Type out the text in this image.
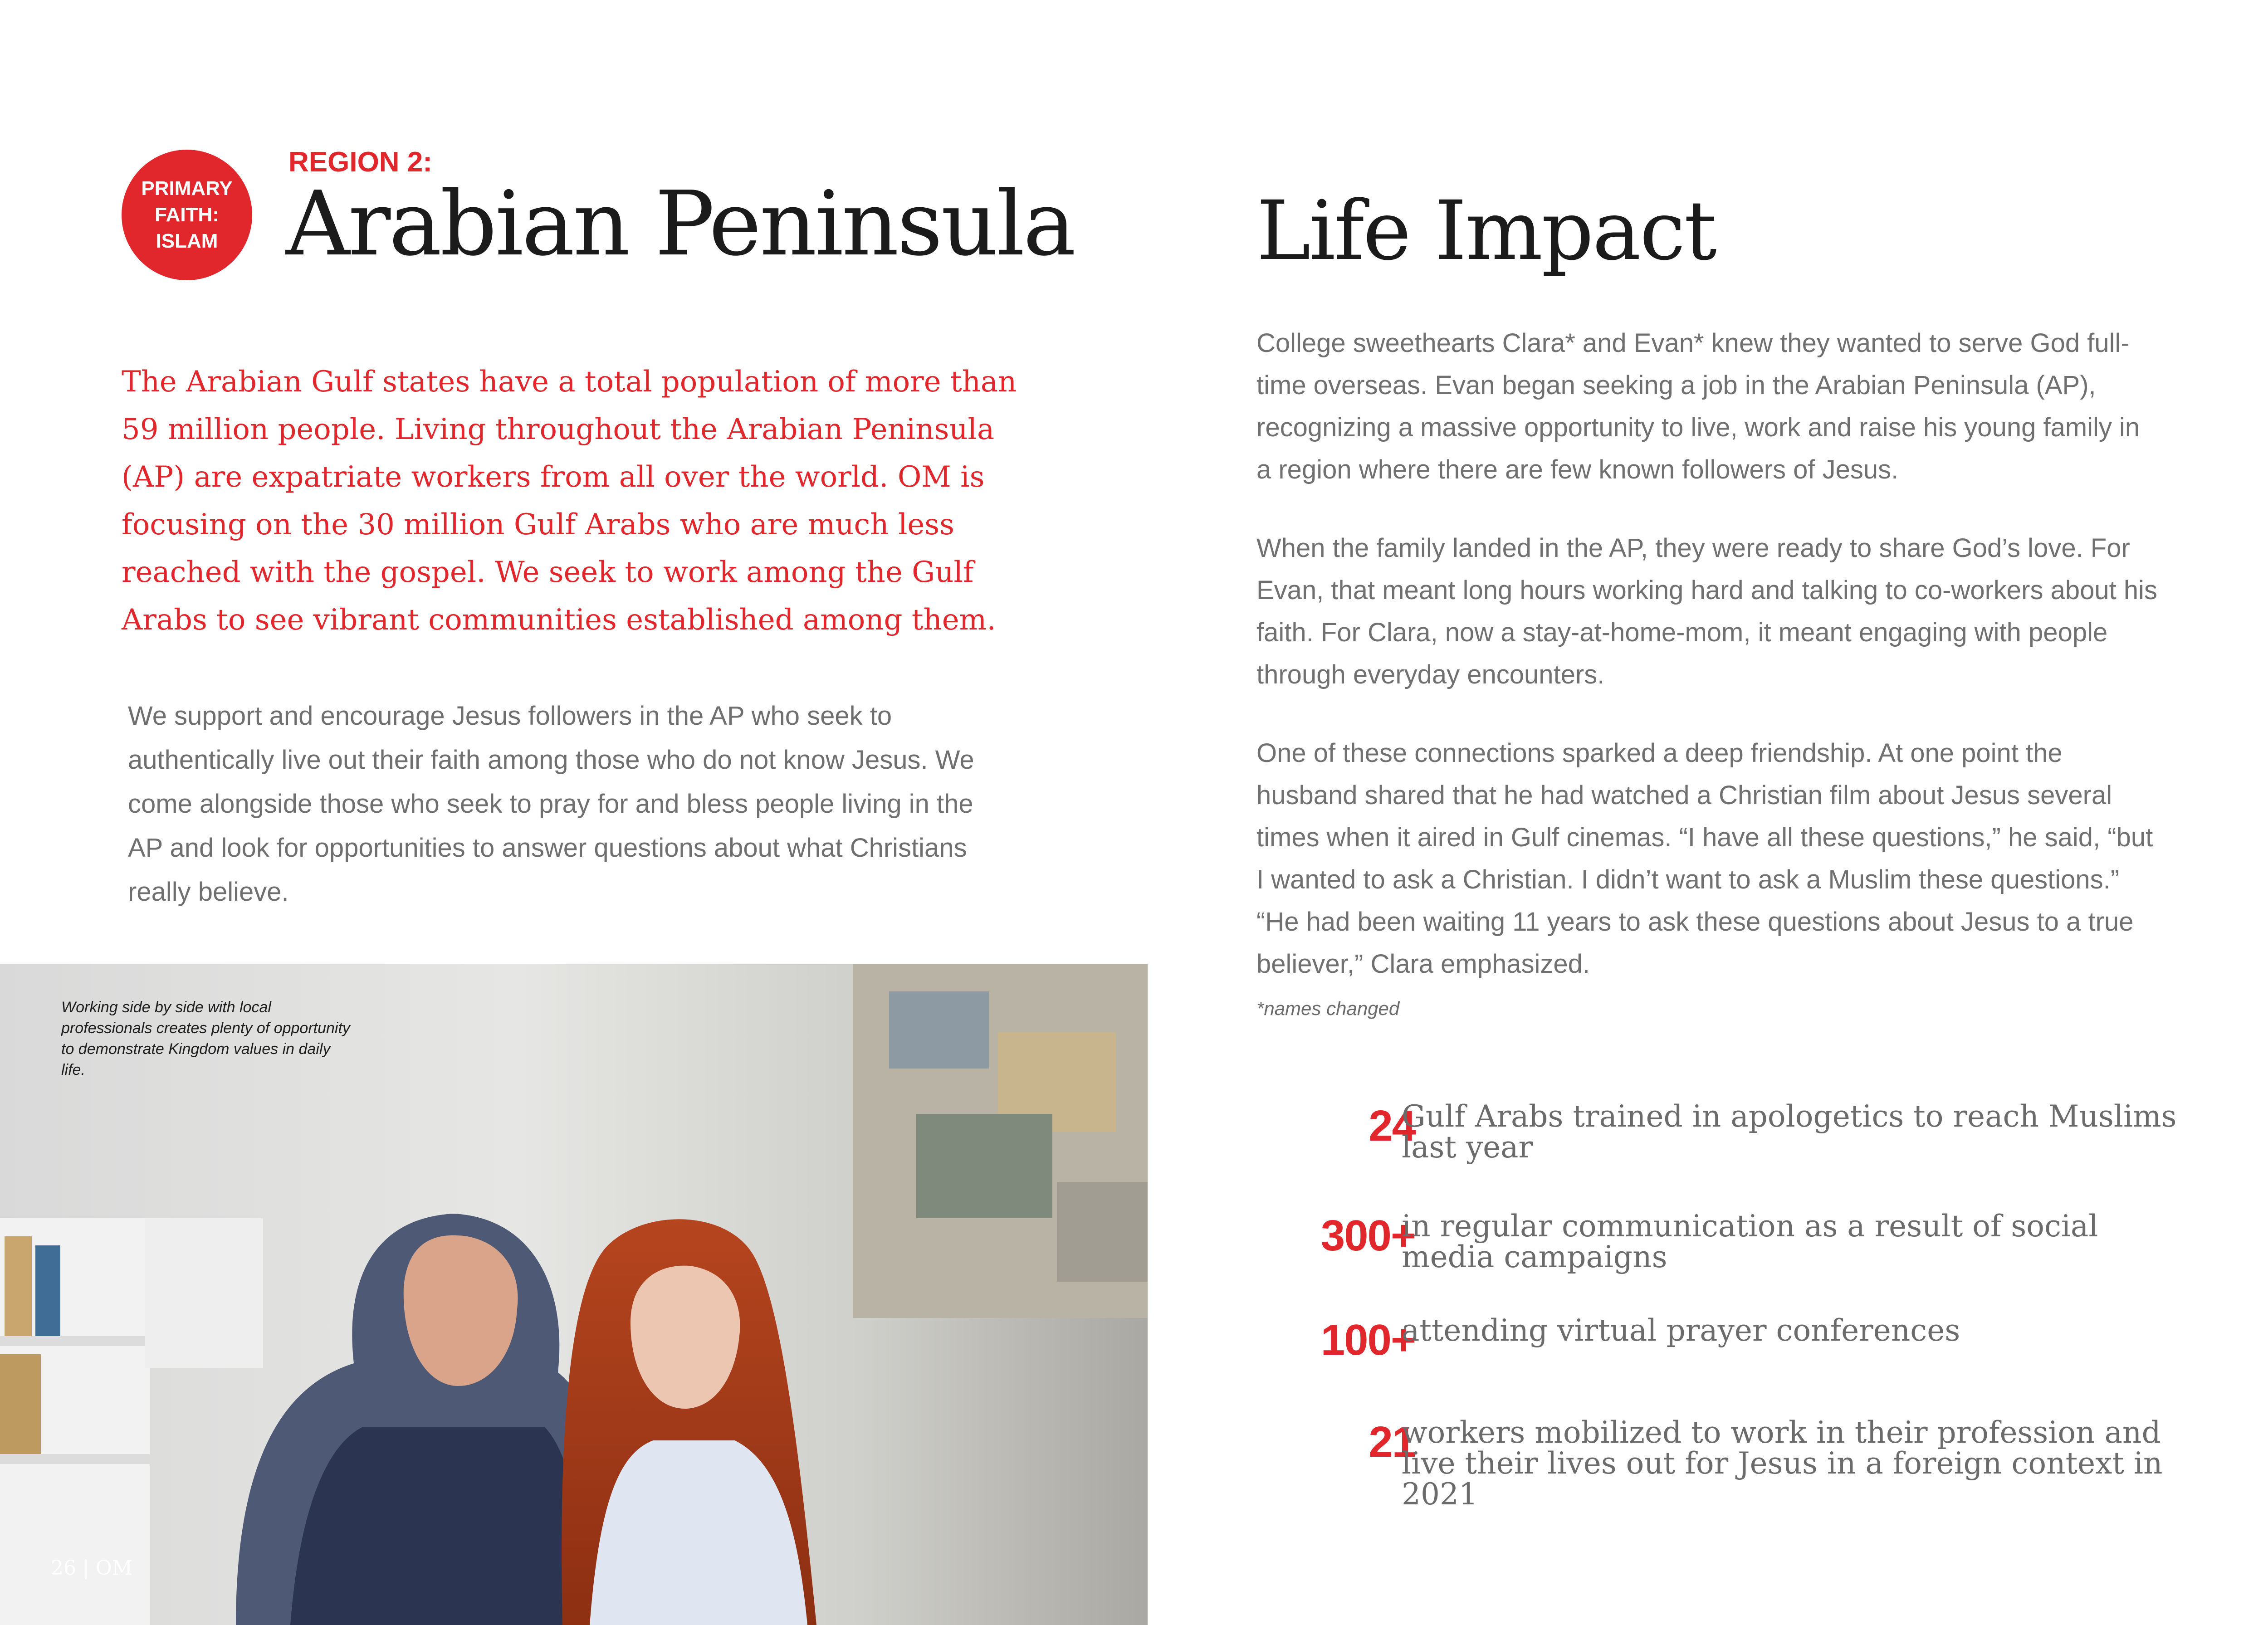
PRIMARY
FAITH:
ISLAM
REGION 2:
Arabian Peninsula

The Arabian Gulf states have a total population of more than 59 million people. Living throughout the Arabian Peninsula (AP) are expatriate workers from all over the world. OM is focusing on the 30 million Gulf Arabs who are much less reached with the gospel. We seek to work among the Gulf Arabs to see vibrant communities established among them.

We support and encourage Jesus followers in the AP who seek to authentically live out their faith among those who do not know Jesus. We come alongside those who seek to pray for and bless people living in the AP and look for opportunities to answer questions about what Christians really believe.

Working side by side with local professionals creates plenty of opportunity to demonstrate Kingdom values in daily life.
26 | OM
Life Impact

College sweethearts Clara* and Evan* knew they wanted to serve God full-time overseas. Evan began seeking a job in the Arabian Peninsula (AP), recognizing a massive opportunity to live, work and raise his young family in a region where there are few known followers of Jesus.

When the family landed in the AP, they were ready to share God’s love. For Evan, that meant long hours working hard and talking to co-workers about his faith. For Clara, now a stay-at-home-mom, it meant engaging with people through everyday encounters.

One of these connections sparked a deep friendship. At one point the husband shared that he had watched a Christian film about Jesus several times when it aired in Gulf cinemas. “I have all these questions,” he said, “but I wanted to ask a Christian. I didn’t want to ask a Muslim these questions.” “He had been waiting 11 years to ask these questions about Jesus to a true believer,” Clara emphasized.

*names changed
24
Gulf Arabs trained in apologetics to reach Muslims last year
300+
in regular communication as a result of social media campaigns
100+
attending virtual prayer conferences
21
workers mobilized to work in their profession and live their lives out for Jesus in a foreign context in 2021
